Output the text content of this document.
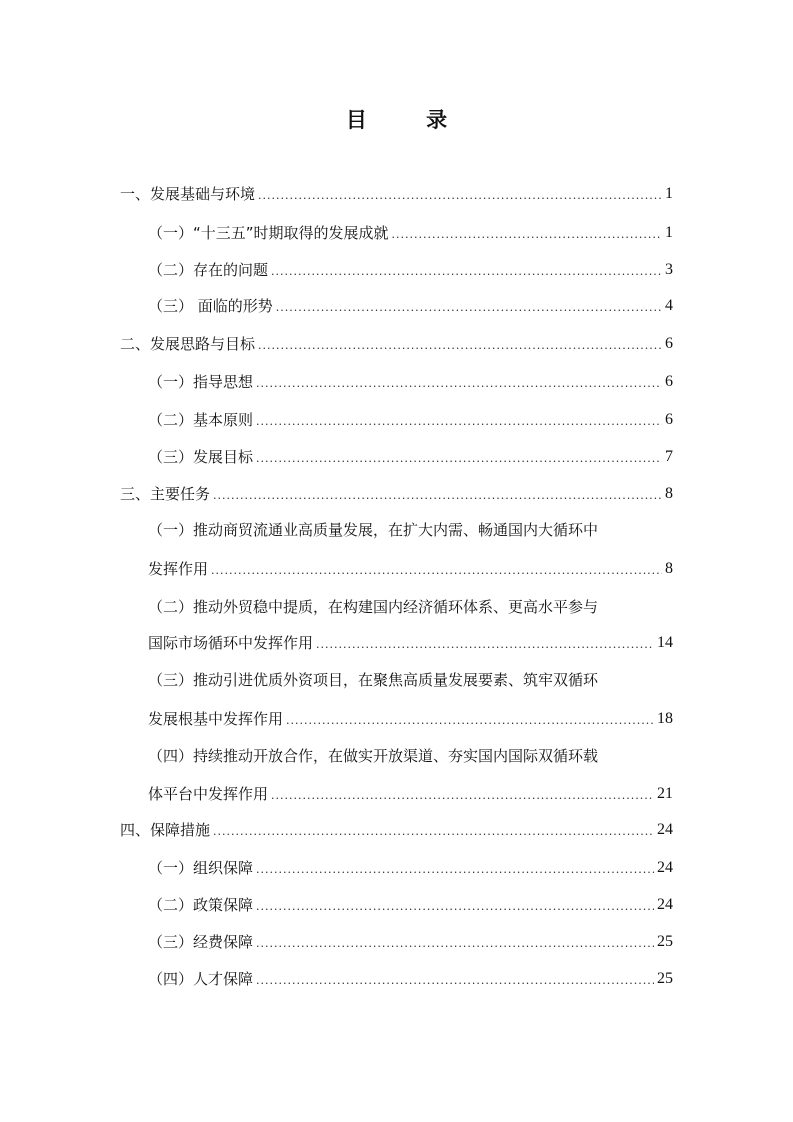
目 录
一、发展基础与环境 .....	1
（一）“十三五”时期取得的发展成就 .....	1
（二）存在的问题 .....	3
（三） 面临的形势 .....	4
二、发展思路与目标 .....	6
（一）指导思想 .....	6
（二）基本原则 .....	6
（三）发展目标 .....	7
三、主要任务 .....	8
（一）推动商贸流通业高质量发展，在扩大内需、畅通国内大循环中
发挥作用 .....	8
（二）推动外贸稳中提质，在构建国内经济循环体系、更高水平参与
国际市场循环中发挥作用 .....	14
（三）推动引进优质外资项目，在聚焦高质量发展要素、筑牢双循环
发展根基中发挥作用 .....	18
（四）持续推动开放合作，在做实开放渠道、夯实国内国际双循环载
体平台中发挥作用 .....	21
四、保障措施 .....	24
（一）组织保障 .....	24
（二）政策保障 .....	24
（三）经费保障 .....	25
（四）人才保障 .....	25
